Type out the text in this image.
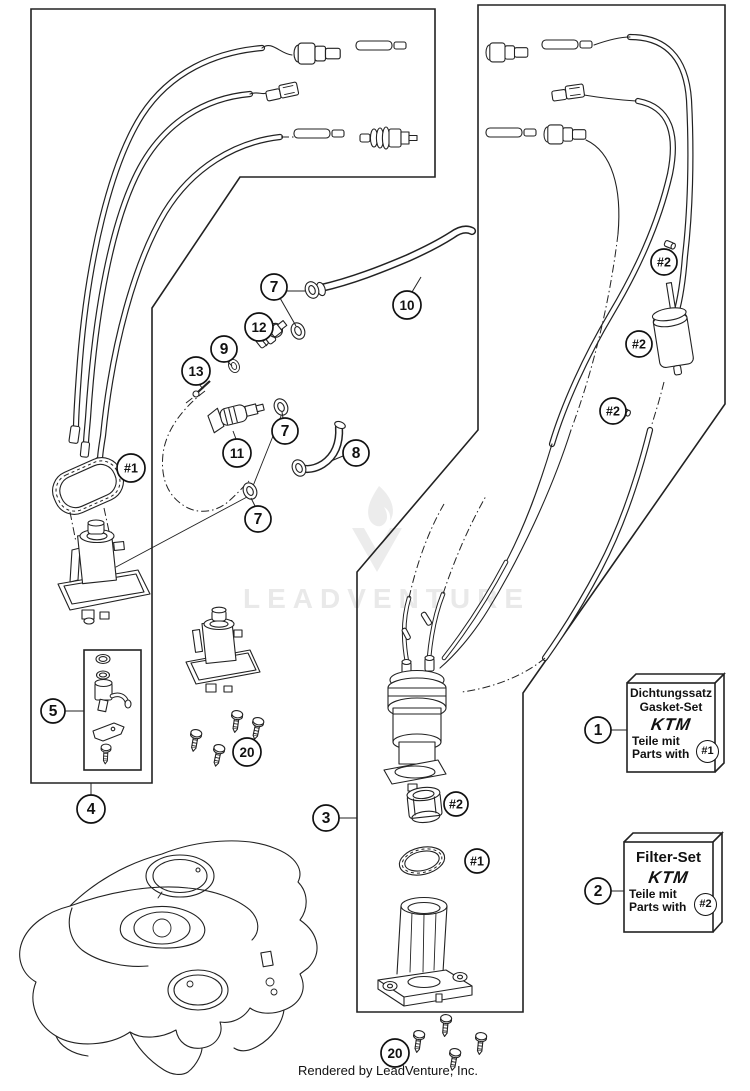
LEADVENTURE
7
10
12
9
13
11
7
8
7
#1
#2
#2
#2
5
4
20
3
1
2
20
#2
#1
Dichtungssatz
Gasket-Set
KTM
Teile mit
Parts with	#1
Filter-Set
KTM
Teile mit
Parts with	#2
Rendered by LeadVenture, Inc.
